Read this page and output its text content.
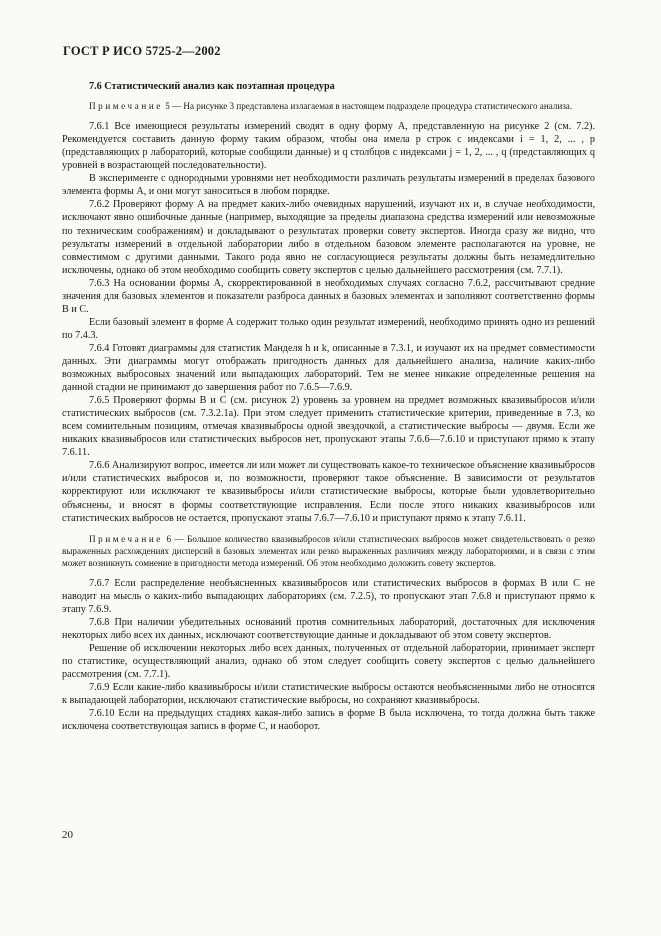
ГОСТ Р ИСО 5725-2—2002

7.6 Статистический анализ как поэтапная процедура

Примечание 5 — На рисунке 3 представлена излагаемая в настоящем подразделе процедура статистического анализа.

7.6.1 Все имеющиеся результаты измерений сводят в одну форму А, представленную на рисунке 2 (см. 7.2). Рекомендуется составить данную форму таким образом, чтобы она имела p строк с индексами i = 1, 2, ... , p (представляющих p лабораторий, которые сообщили данные) и q столбцов с индексами j = 1, 2, ... , q (представляющих q уровней в возрастающей последовательности).

В эксперименте с однородными уровнями нет необходимости различать результаты измерений в пределах базового элемента формы А, и они могут заноситься в любом порядке.

7.6.2 Проверяют форму А на предмет каких-либо очевидных нарушений, изучают их и, в случае необходимости, исключают явно ошибочные данные (например, выходящие за пределы диапазона средства измерений или невозможные по техническим соображениям) и докладывают о результатах проверки совету экспертов. Иногда сразу же видно, что результаты измерений в отдельной лаборатории либо в отдельном базовом элементе располагаются на уровне, не совместимом с другими данными. Такого рода явно не согласующиеся результаты должны быть незамедлительно исключены, однако об этом необходимо сообщить совету экспертов с целью дальнейшего рассмотрения (см. 7.7.1).

7.6.3 На основании формы А, скорректированной в необходимых случаях согласно 7.6.2, рассчитывают средние значения для базовых элементов и показатели разброса данных в базовых элементах и заполняют соответственно формы В и С.

Если базовый элемент в форме А содержит только один результат измерений, необходимо принять одно из решений по 7.4.3.

7.6.4 Готовят диаграммы для статистик Манделя h и k, описанные в 7.3.1, и изучают их на предмет совместимости данных. Эти диаграммы могут отображать пригодность данных для дальнейшего анализа, наличие каких-либо возможных выбросовых значений или выпадающих лабораторий. Тем не менее никакие определенные решения на данной стадии не принимают до завершения работ по 7.6.5—7.6.9.

7.6.5 Проверяют формы В и С (см. рисунок 2) уровень за уровнем на предмет возможных квазивыбросов и/или статистических выбросов (см. 7.3.2.1а). При этом следует применить статистические критерии, приведенные в 7.3, ко всем сомнительным позициям, отмечая квазивыбросы одной звездочкой, а статистические выбросы — двумя. Если же никаких квазивыбросов или статистических выбросов нет, пропускают этапы 7.6.6—7.6.10 и приступают прямо к этапу 7.6.11.

7.6.6 Анализируют вопрос, имеется ли или может ли существовать какое-то техническое объяснение квазивыбросов и/или статистических выбросов и, по возможности, проверяют такое объяснение. В зависимости от результатов корректируют или исключают те квазивыбросы и/или статистические выбросы, которые были удовлетворительно объяснены, и вносят в формы соответствующие исправления. Если после этого никаких квазивыбросов или статистических выбросов не остается, пропускают этапы 7.6.7—7.6.10 и приступают прямо к этапу 7.6.11.

Примечание 6 — Большое количество квазивыбросов и/или статистических выбросов может свидетельствовать о резко выраженных расхождениях дисперсий в базовых элементах или резко выраженных различиях между лабораториями, и в связи с этим может возникнуть сомнение в пригодности метода измерений. Об этом необходимо доложить совету экспертов.

7.6.7 Если распределение необъясненных квазивыбросов или статистических выбросов в формах В или С не наводит на мысль о каких-либо выпадающих лабораториях (см. 7.2.5), то пропускают этап 7.6.8 и приступают прямо к этапу 7.6.9.

7.6.8 При наличии убедительных оснований против сомнительных лабораторий, достаточных для исключения некоторых либо всех их данных, исключают соответствующие данные и докладывают об этом совету экспертов.

Решение об исключении некоторых либо всех данных, полученных от отдельной лаборатории, принимает эксперт по статистике, осуществляющий анализ, однако об этом следует сообщить совету экспертов с целью дальнейшего рассмотрения (см. 7.7.1).

7.6.9 Если какие-либо квазивыбросы и/или статистические выбросы остаются необъясненными либо не относятся к выпадающей лаборатории, исключают статистические выбросы, но сохраняют квазивыбросы.

7.6.10 Если на предыдущих стадиях какая-либо запись в форме В была исключена, то тогда должна быть также исключена соответствующая запись в форме С, и наоборот.

20
